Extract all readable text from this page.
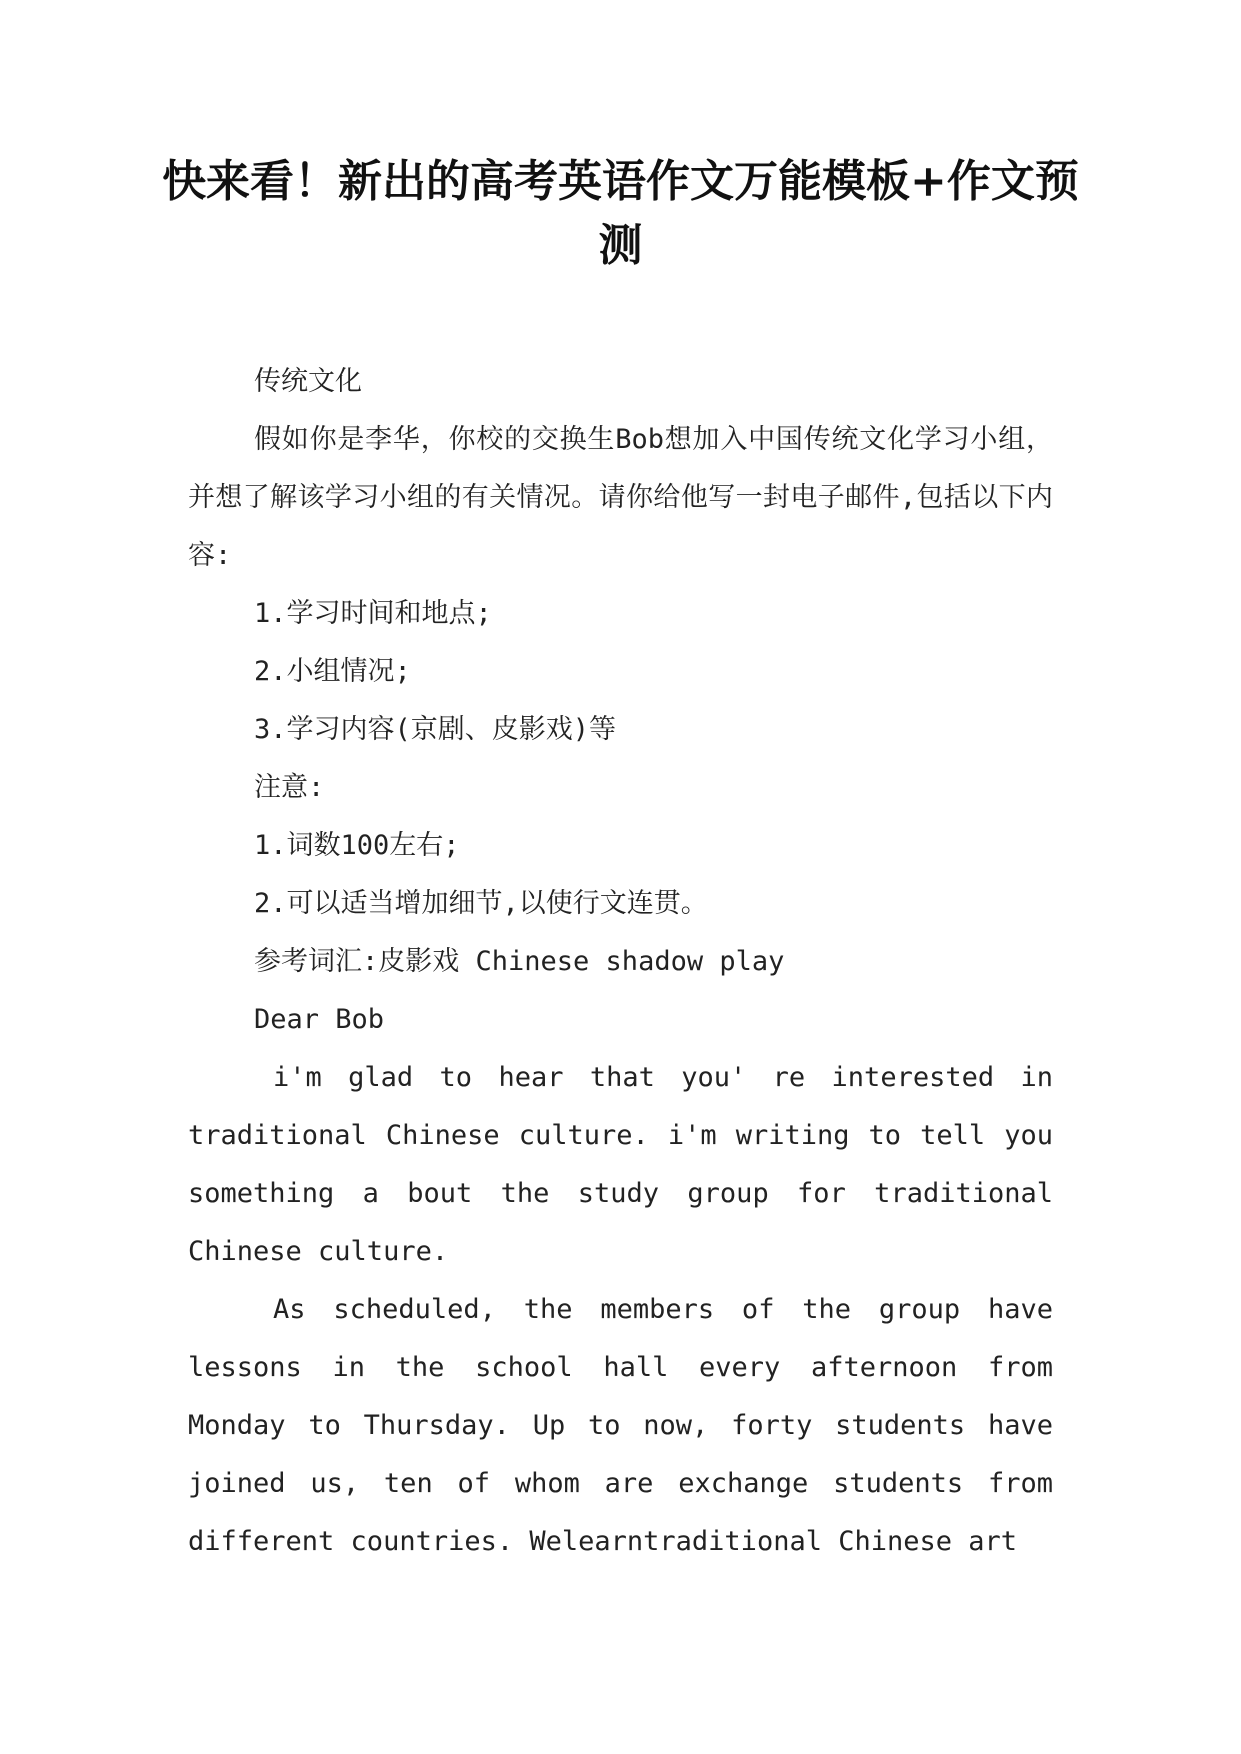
快来看！新出的高考英语作文万能模板+作文预测

传统文化

假如你是李华，你校的交换生Bob想加入中国传统文化学习小组，并想了解该学习小组的有关情况。请你给他写一封电子邮件,包括以下内容:

1.学习时间和地点;

2.小组情况;

3.学习内容(京剧、皮影戏)等

注意:

1.词数100左右;

2.可以适当增加细节,以使行文连贯。

参考词汇:皮影戏 Chinese shadow play

Dear Bob

i'm glad to hear that you' re interested in traditional Chinese culture. i'm writing to tell you something a bout the study group for traditional Chinese culture.

As scheduled, the members of the group have lessons in the school hall every afternoon from Monday to Thursday. Up to now, forty students have joined us, ten of whom are exchange students from different countries. Welearntraditional Chinese art
